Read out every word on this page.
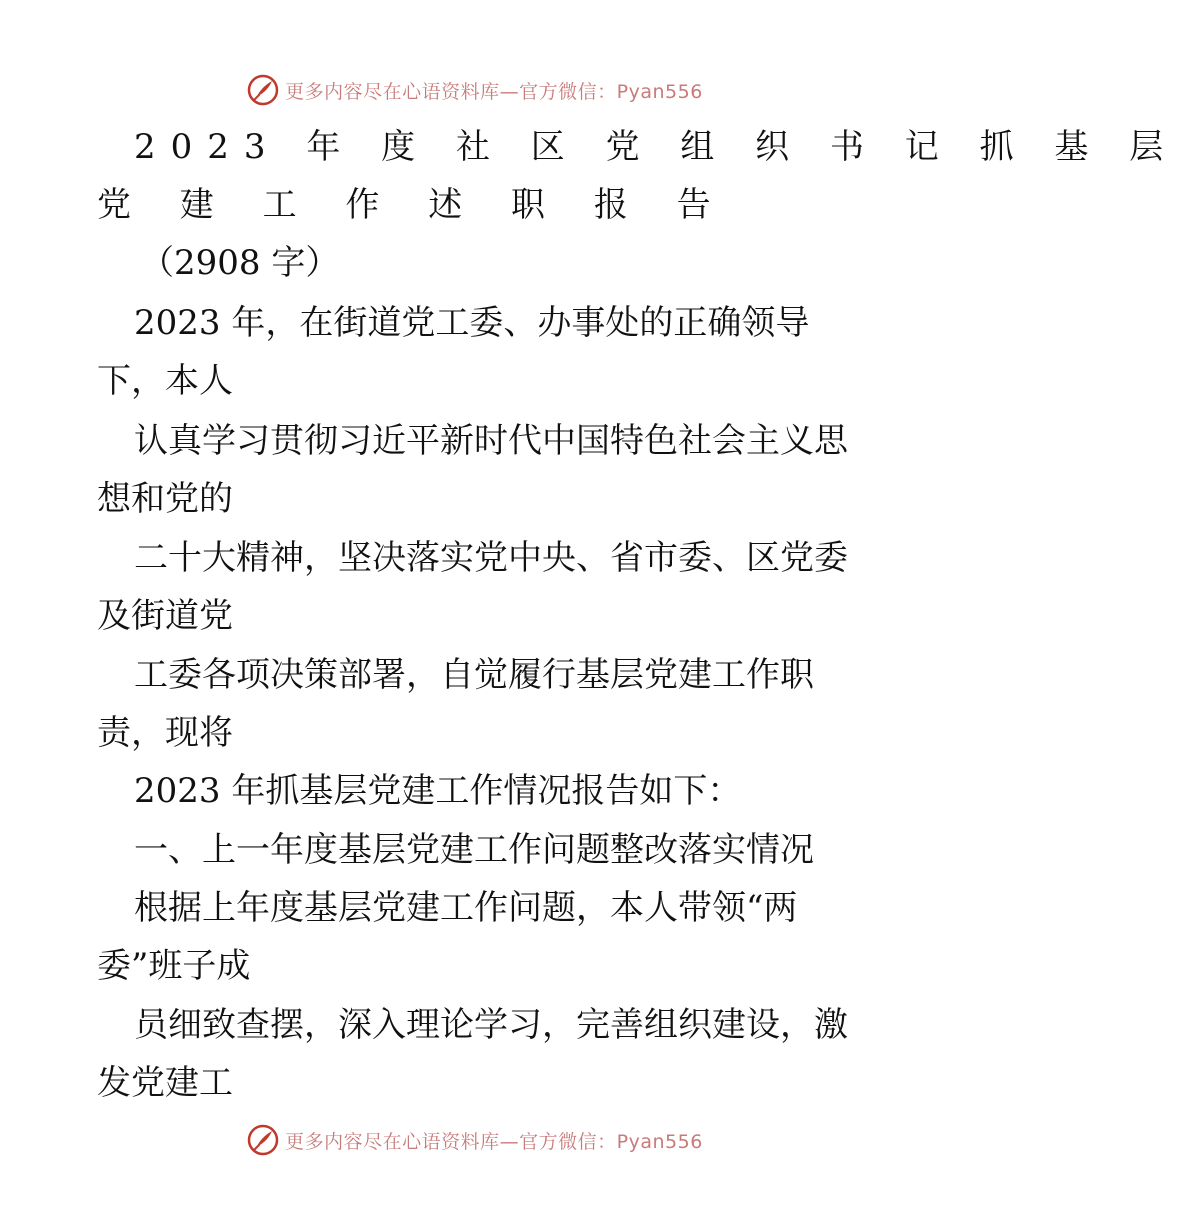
更多内容尽在心语资料库—官方微信：Pyan556
2023 年 度 社 区 党 组 织 书 记 抓 基 层
党 建 工 作 述 职 报 告
（2908 字）
2023 年，在街道党工委、办事处的正确领导
下，本人
认真学习贯彻习近平新时代中国特色社会主义思
想和党的
二十大精神，坚决落实党中央、省市委、区党委
及街道党
工委各项决策部署，自觉履行基层党建工作职
责，现将
2023 年抓基层党建工作情况报告如下：
一、上一年度基层党建工作问题整改落实情况
根据上年度基层党建工作问题，本人带领“两
委”班子成
员细致查摆，深入理论学习，完善组织建设，激
发党建工
更多内容尽在心语资料库—官方微信：Pyan556
